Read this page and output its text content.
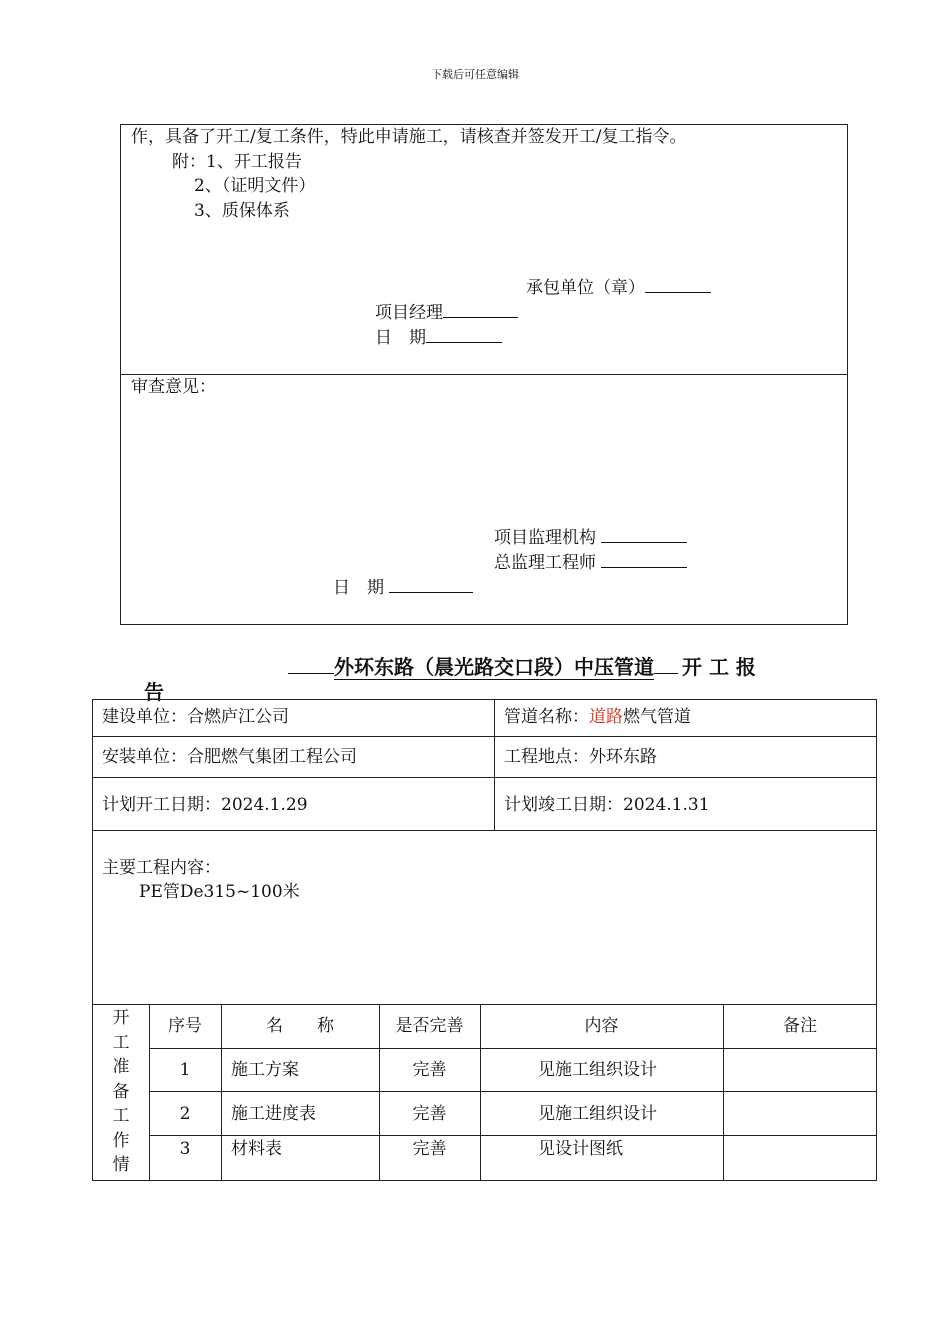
下载后可任意编辑
作，具备了开工/复工条件，特此申请施工，请核查并签发开工/复工指令。
附：1、开工报告
2、（证明文件）
3、质保体系
承包单位（章）
项目经理
日　期
审查意见：
项目监理机构
总监理工程师
日　期
外环东路（晨光路交口段）中压管道 开 工 报
告
建设单位：合燃庐江公司	管道名称：道路燃气管道
安装单位：合肥燃气集团工程公司	工程地点：外环东路
计划开工日期：2024.1.29	计划竣工日期：2024.1.31
主要工程内容：
PE管De315~100米
开
工
准
备
工
作
情
序号	名　　称	是否完善	内容	备注
1	施工方案	完善	见施工组织设计
2	施工进度表	完善	见施工组织设计
3	材料表	完善	见设计图纸
